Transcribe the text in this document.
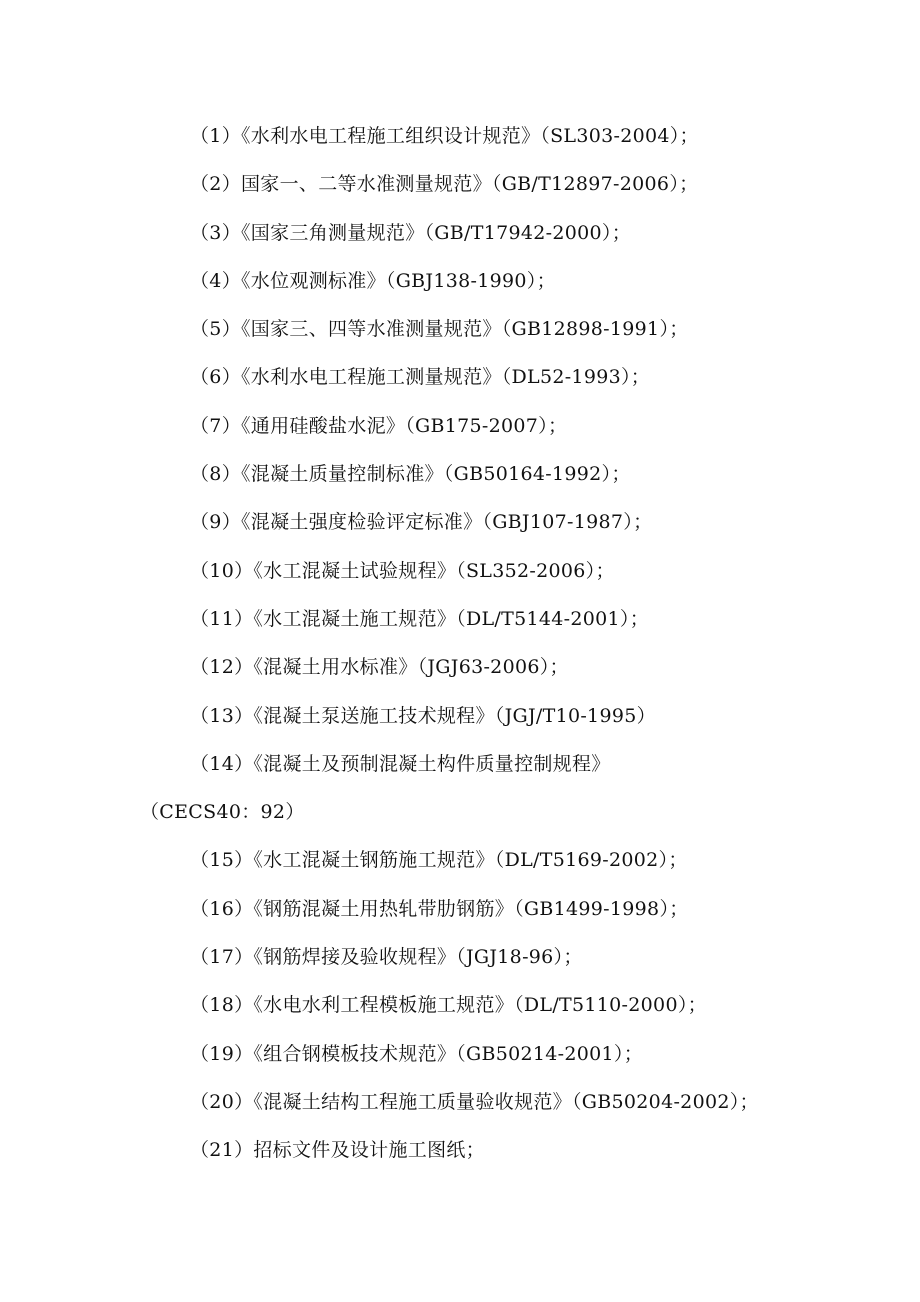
（1）《水利水电工程施工组织设计规范》（SL303-2004）；
（2）国家一、二等水准测量规范》（GB/T12897-2006）；
（3）《国家三角测量规范》（GB/T17942-2000）；
（4）《水位观测标准》（GBJ138-1990）；
（5）《国家三、四等水准测量规范》（GB12898-1991）；
（6）《水利水电工程施工测量规范》（DL52-1993）；
（7）《通用硅酸盐水泥》（GB175-2007）；
（8）《混凝土质量控制标准》（GB50164-1992）；
（9）《混凝土强度检验评定标准》（GBJ107-1987）；
（10）《水工混凝土试验规程》（SL352-2006）；
（11）《水工混凝土施工规范》（DL/T5144-2001）；
（12）《混凝土用水标准》（JGJ63-2006）；
（13）《混凝土泵送施工技术规程》（JGJ/T10-1995）
（14）《混凝土及预制混凝土构件质量控制规程》
（CECS40：92）
（15）《水工混凝土钢筋施工规范》（DL/T5169-2002）；
（16）《钢筋混凝土用热轧带肋钢筋》（GB1499-1998）；
（17）《钢筋焊接及验收规程》（JGJ18-96）；
（18）《水电水利工程模板施工规范》（DL/T5110-2000）；
（19）《组合钢模板技术规范》（GB50214-2001）；
（20）《混凝土结构工程施工质量验收规范》（GB50204-2002）；
（21）招标文件及设计施工图纸；
